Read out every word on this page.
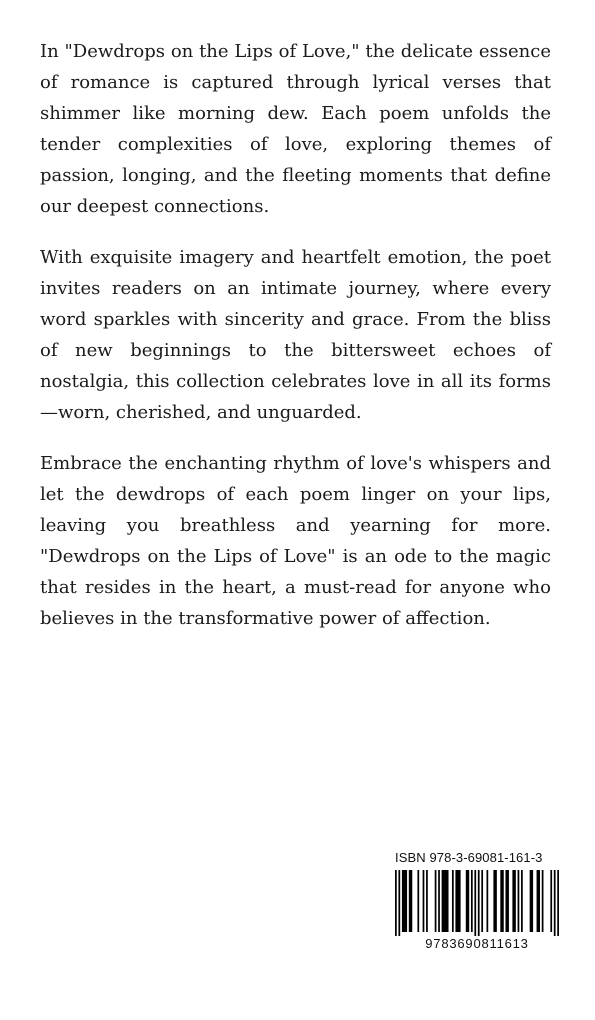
In "Dewdrops on the Lips of Love," the delicate essence of romance is captured through lyrical verses that shimmer like morning dew. Each poem unfolds the tender complexities of love, exploring themes of passion, longing, and the fleeting moments that define our deepest connections.

With exquisite imagery and heartfelt emotion, the poet invites readers on an intimate journey, where every word sparkles with sincerity and grace. From the bliss of new beginnings to the bittersweet echoes of nostalgia, this collection celebrates love in all its forms—worn, cherished, and unguarded.

Embrace the enchanting rhythm of love's whispers and let the dewdrops of each poem linger on your lips, leaving you breathless and yearning for more. "Dewdrops on the Lips of Love" is an ode to the magic that resides in the heart, a must-read for anyone who believes in the transformative power of affection.

ISBN 978-3-69081-161-3
9783690811613
